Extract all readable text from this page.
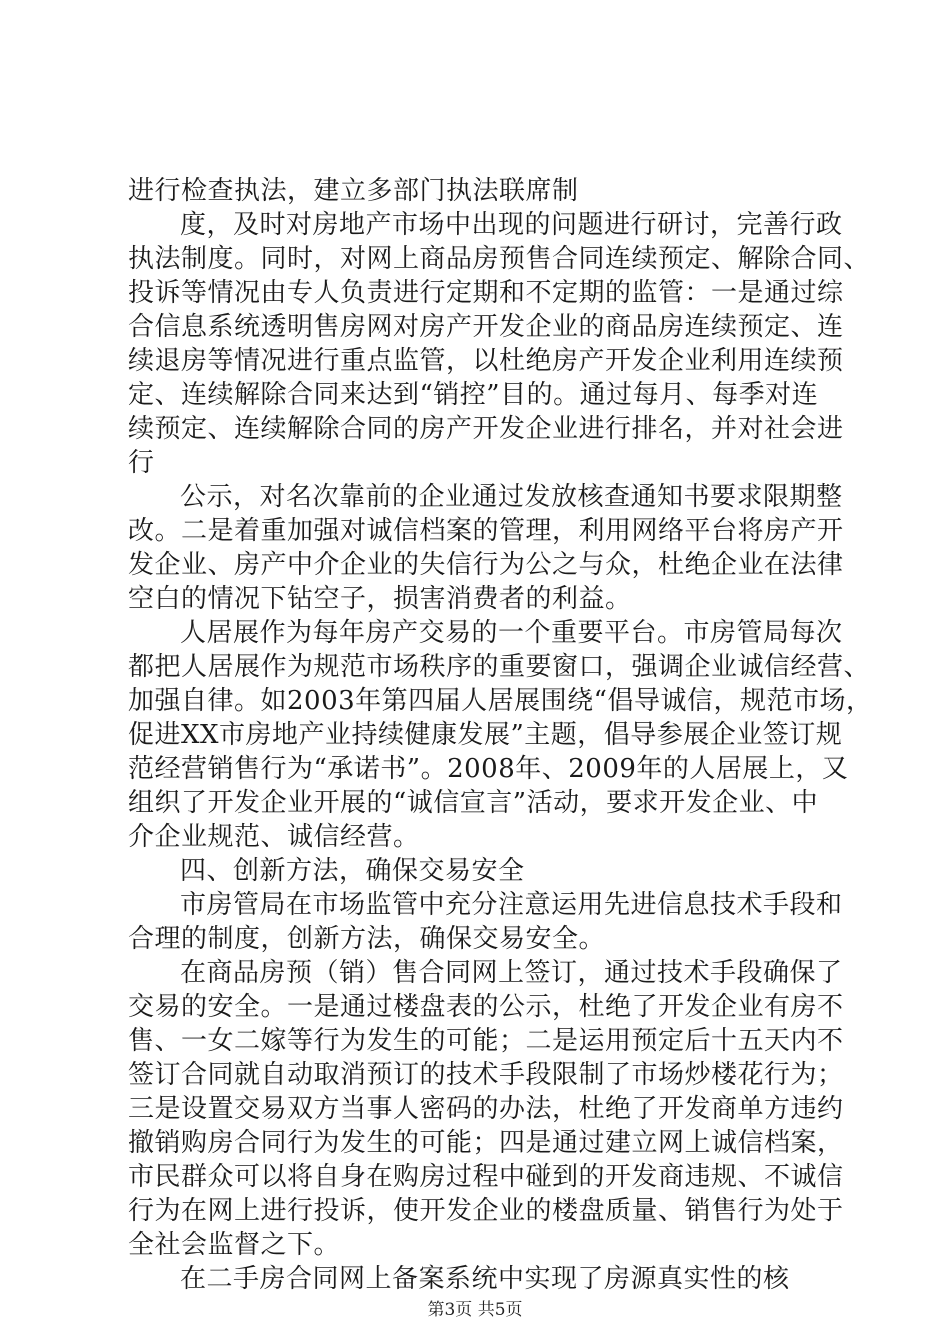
进行检查执法，建立多部门执法联席制
度，及时对房地产市场中出现的问题进行研讨，完善行政
执法制度。同时，对网上商品房预售合同连续预定、解除合同、
投诉等情况由专人负责进行定期和不定期的监管：一是通过综
合信息系统透明售房网对房产开发企业的商品房连续预定、连
续退房等情况进行重点监管，以杜绝房产开发企业利用连续预
定、连续解除合同来达到“销控”目的。通过每月、每季对连
续预定、连续解除合同的房产开发企业进行排名，并对社会进
行
公示，对名次靠前的企业通过发放核查通知书要求限期整
改。二是着重加强对诚信档案的管理，利用网络平台将房产开
发企业、房产中介企业的失信行为公之与众，杜绝企业在法律
空白的情况下钻空子，损害消费者的利益。
人居展作为每年房产交易的一个重要平台。市房管局每次
都把人居展作为规范市场秩序的重要窗口，强调企业诚信经营、
加强自律。如2003年第四届人居展围绕“倡导诚信，规范市场，
促进XX市房地产业持续健康发展”主题，倡导参展企业签订规
范经营销售行为“承诺书”。2008年、2009年的人居展上，又
组织了开发企业开展的“诚信宣言”活动，要求开发企业、中
介企业规范、诚信经营。
四、创新方法，确保交易安全
市房管局在市场监管中充分注意运用先进信息技术手段和
合理的制度，创新方法，确保交易安全。
在商品房预（销）售合同网上签订，通过技术手段确保了
交易的安全。一是通过楼盘表的公示，杜绝了开发企业有房不
售、一女二嫁等行为发生的可能；二是运用预定后十五天内不
签订合同就自动取消预订的技术手段限制了市场炒楼花行为；
三是设置交易双方当事人密码的办法，杜绝了开发商单方违约
撤销购房合同行为发生的可能；四是通过建立网上诚信档案，
市民群众可以将自身在购房过程中碰到的开发商违规、不诚信
行为在网上进行投诉，使开发企业的楼盘质量、销售行为处于
全社会监督之下。
在二手房合同网上备案系统中实现了房源真实性的核
第3页 共5页
